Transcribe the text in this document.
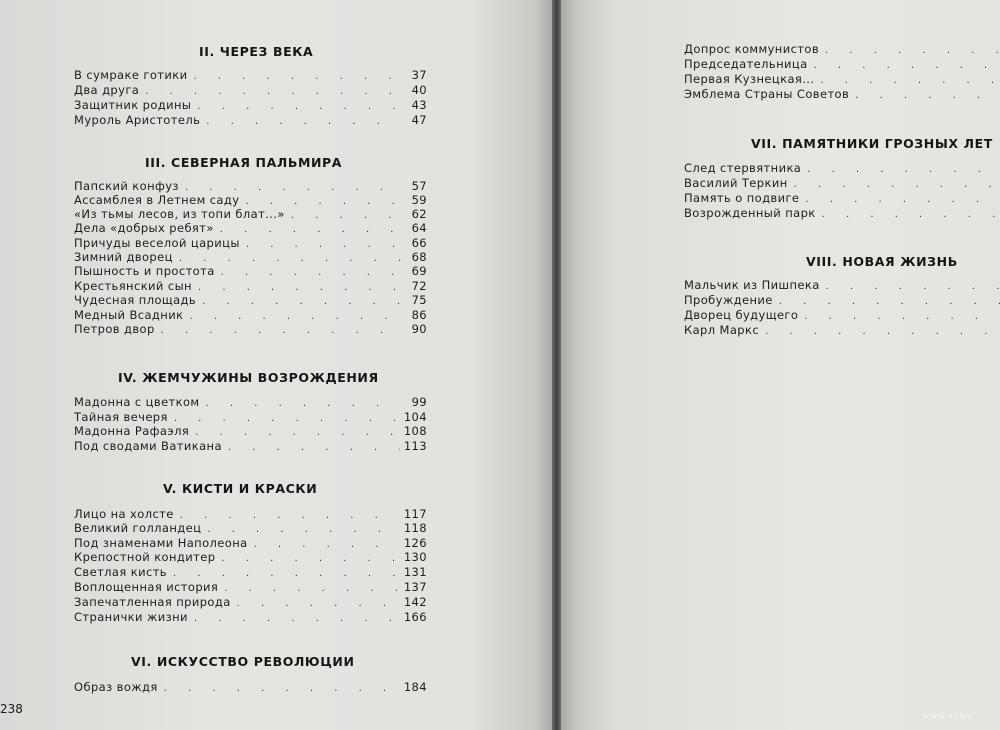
II. ЧЕРЕЗ ВЕКА
В сумраке готики . . .	37
Два друга . . .	40
Защитник родины . . .	43
Муроль Аристотель . . .	47
III. СЕВЕРНАЯ ПАЛЬМИРА
Папский конфуз . . .	57
Ассамблея в Летнем саду . . .	59
«Из тьмы лесов, из топи блат...» . . .	62
Дела «добрых ребят» . . .	64
Причуды веселой царицы . . .	66
Зимний дворец . . .	68
Пышность и простота . . .	69
Крестьянский сын . . .	72
Чудесная площадь . . .	75
Медный Всадник . . .	86
Петров двор . . .	90
IV. ЖЕМЧУЖИНЫ ВОЗРОЖДЕНИЯ
Мадонна с цветком . . .	99
Тайная вечеря . . .	104
Мадонна Рафаэля . . .	108
Под сводами Ватикана . . .	113
V. КИСТИ И КРАСКИ
Лицо на холсте . . .	117
Великий голландец . . .	118
Под знаменами Наполеона . . .	126
Крепостной кондитер . . .	130
Светлая кисть . . .	131
Воплощенная история . . .	137
Запечатленная природа . . .	142
Странички жизни . . .	166
VI. ИСКУССТВО РЕВОЛЮЦИИ
Образ вождя . . .	184
238
Допрос коммунистов
. . .
Председательница
. . .
Первая Кузнецкая...
. . .
Эмблема Страны Советов
. . .
VII. ПАМЯТНИКИ ГРОЗНЫХ ЛЕТ
След стервятника
. . .
Василий Теркин
. . .
Память о подвиге
. . .
Возрожденный парк
. . .
VIII. НОВАЯ ЖИЗНЬ
Мальчик из Пишпека
. . .
Пробуждение
. . .
Дворец будущего
. . .
Карл Маркс
. . .
www.ay.by
